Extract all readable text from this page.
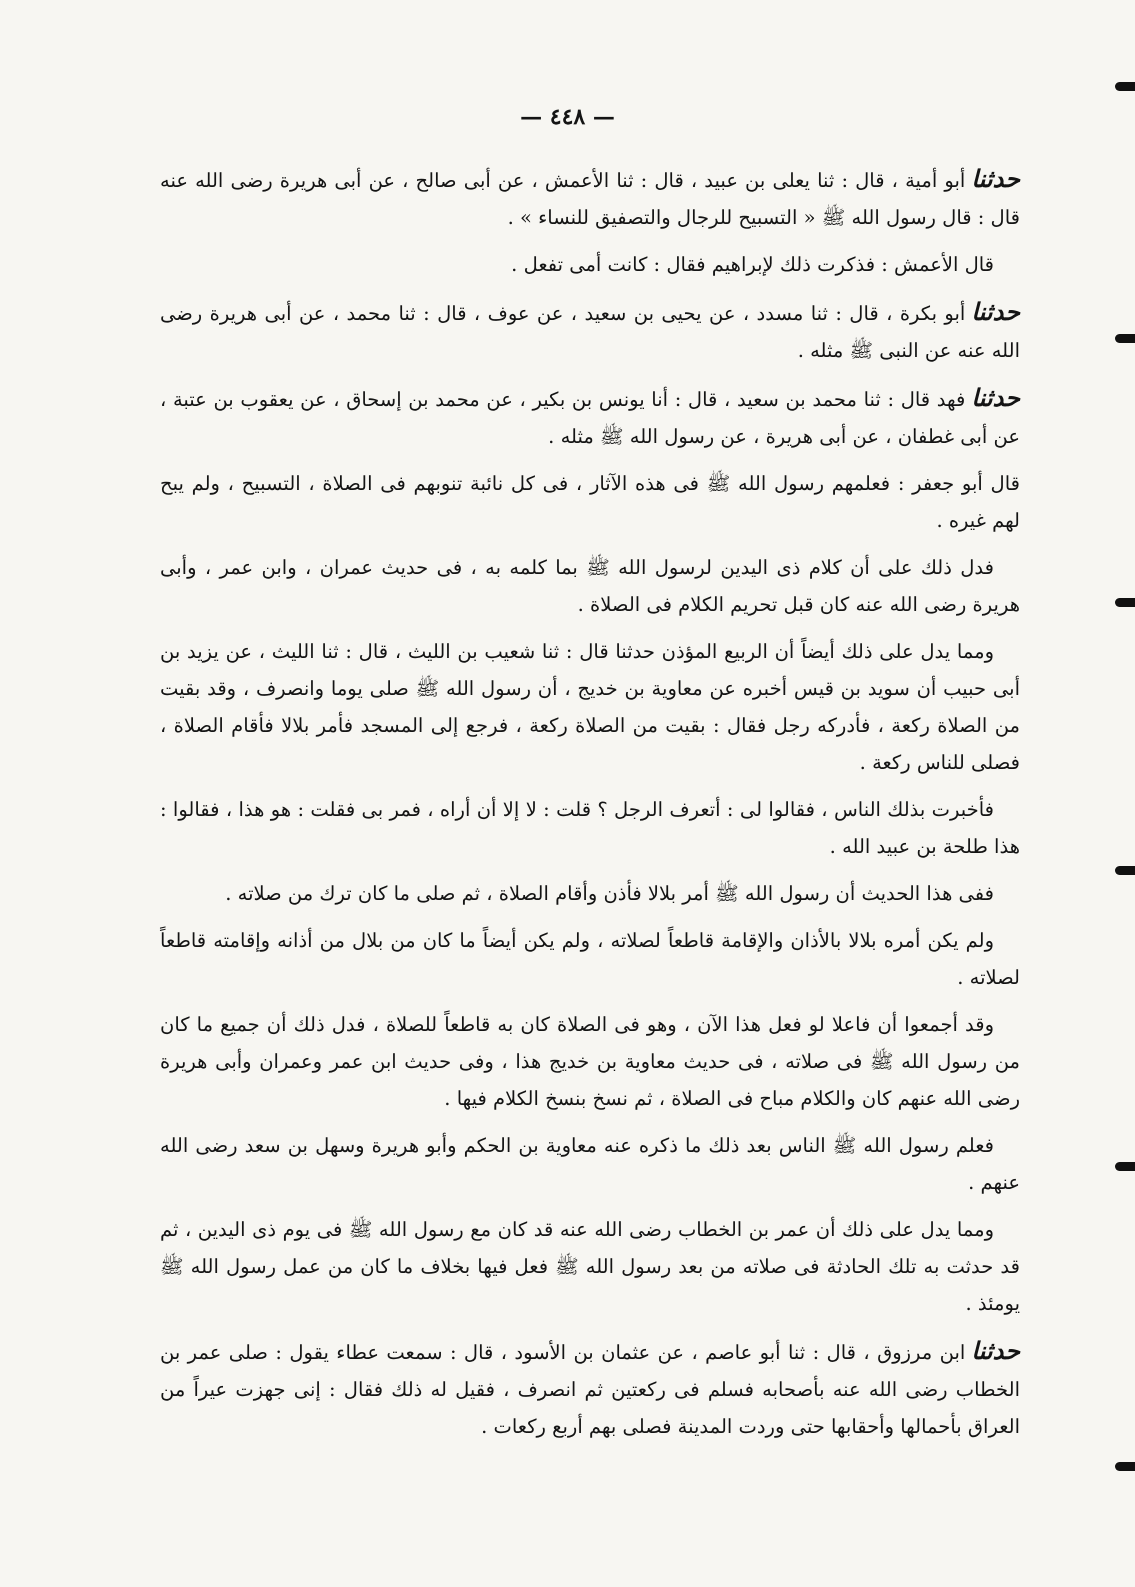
— ٤٤٨ —

حدثناأبو أمية ، قال : ثنا يعلى بن عبيد ، قال : ثنا الأعمش ، عن أبى صالح ، عن أبى هريرة رضى الله عنه قال : قال رسول الله ﷺ « التسبيح للرجال والتصفيق للنساء » .

قال الأعمش : فذكرت ذلك لإبراهيم فقال : كانت أمى تفعل .

حدثناأبو بكرة ، قال : ثنا مسدد ، عن يحيى بن سعيد ، عن عوف ، قال : ثنا محمد ، عن أبى هريرة رضى الله عنه عن النبى ﷺ مثله .

حدثنافهد قال : ثنا محمد بن سعيد ، قال : أنا يونس بن بكير ، عن محمد بن إسحاق ، عن يعقوب بن عتبة ، عن أبى غطفان ، عن أبى هريرة ، عن رسول الله ﷺ مثله .

قال أبو جعفر : فعلمهم رسول الله ﷺ فى هذه الآثار ، فى كل نائبة تنوبهم فى الصلاة ، التسبيح ، ولم يبح لهم غيره .

فدل ذلك على أن كلام ذى اليدين لرسول الله ﷺ بما كلمه به ، فى حديث عمران ، وابن عمر ، وأبى هريرة رضى الله عنه كان قبل تحريم الكلام فى الصلاة .

ومما يدل على ذلك أيضاً أن الربيع المؤذن حدثنا قال : ثنا شعيب بن الليث ، قال : ثنا الليث ، عن يزيد بن أبى حبيب أن سويد بن قيس أخبره عن معاوية بن خديج ، أن رسول الله ﷺ صلى يوما وانصرف ، وقد بقيت من الصلاة ركعة ، فأدركه رجل فقال : بقيت من الصلاة ركعة ، فرجع إلى المسجد فأمر بلالا فأقام الصلاة ، فصلى للناس ركعة .

فأخبرت بذلك الناس ، فقالوا لى : أتعرف الرجل ؟ قلت : لا إلا أن أراه ، فمر بى فقلت : هو هذا ، فقالوا : هذا طلحة بن عبيد الله .

ففى هذا الحديث أن رسول الله ﷺ أمر بلالا فأذن وأقام الصلاة ، ثم صلى ما كان ترك من صلاته .

ولم يكن أمره بلالا بالأذان والإقامة قاطعاً لصلاته ، ولم يكن أيضاً ما كان من بلال من أذانه وإقامته قاطعاً لصلاته .

وقد أجمعوا أن فاعلا لو فعل هذا الآن ، وهو فى الصلاة كان به قاطعاً للصلاة ، فدل ذلك أن جميع ما كان من رسول الله ﷺ فى صلاته ، فى حديث معاوية بن خديج هذا ، وفى حديث ابن عمر وعمران وأبى هريرة رضى الله عنهم كان والكلام مباح فى الصلاة ، ثم نسخ بنسخ الكلام فيها .

فعلم رسول الله ﷺ الناس بعد ذلك ما ذكره عنه معاوية بن الحكم وأبو هريرة وسهل بن سعد رضى الله عنهم .

ومما يدل على ذلك أن عمر بن الخطاب رضى الله عنه قد كان مع رسول الله ﷺ فى يوم ذى اليدين ، ثم قد حدثت به تلك الحادثة فى صلاته من بعد رسول الله ﷺ فعل فيها بخلاف ما كان من عمل رسول الله ﷺ يومئذ .

حدثناابن مرزوق ، قال : ثنا أبو عاصم ، عن عثمان بن الأسود ، قال : سمعت عطاء يقول : صلى عمر بن الخطاب رضى الله عنه بأصحابه فسلم فى ركعتين ثم انصرف ، فقيل له ذلك فقال : إنى جهزت عيراً من العراق بأحمالها وأحقابها حتى وردت المدينة فصلى بهم أربع ركعات .
